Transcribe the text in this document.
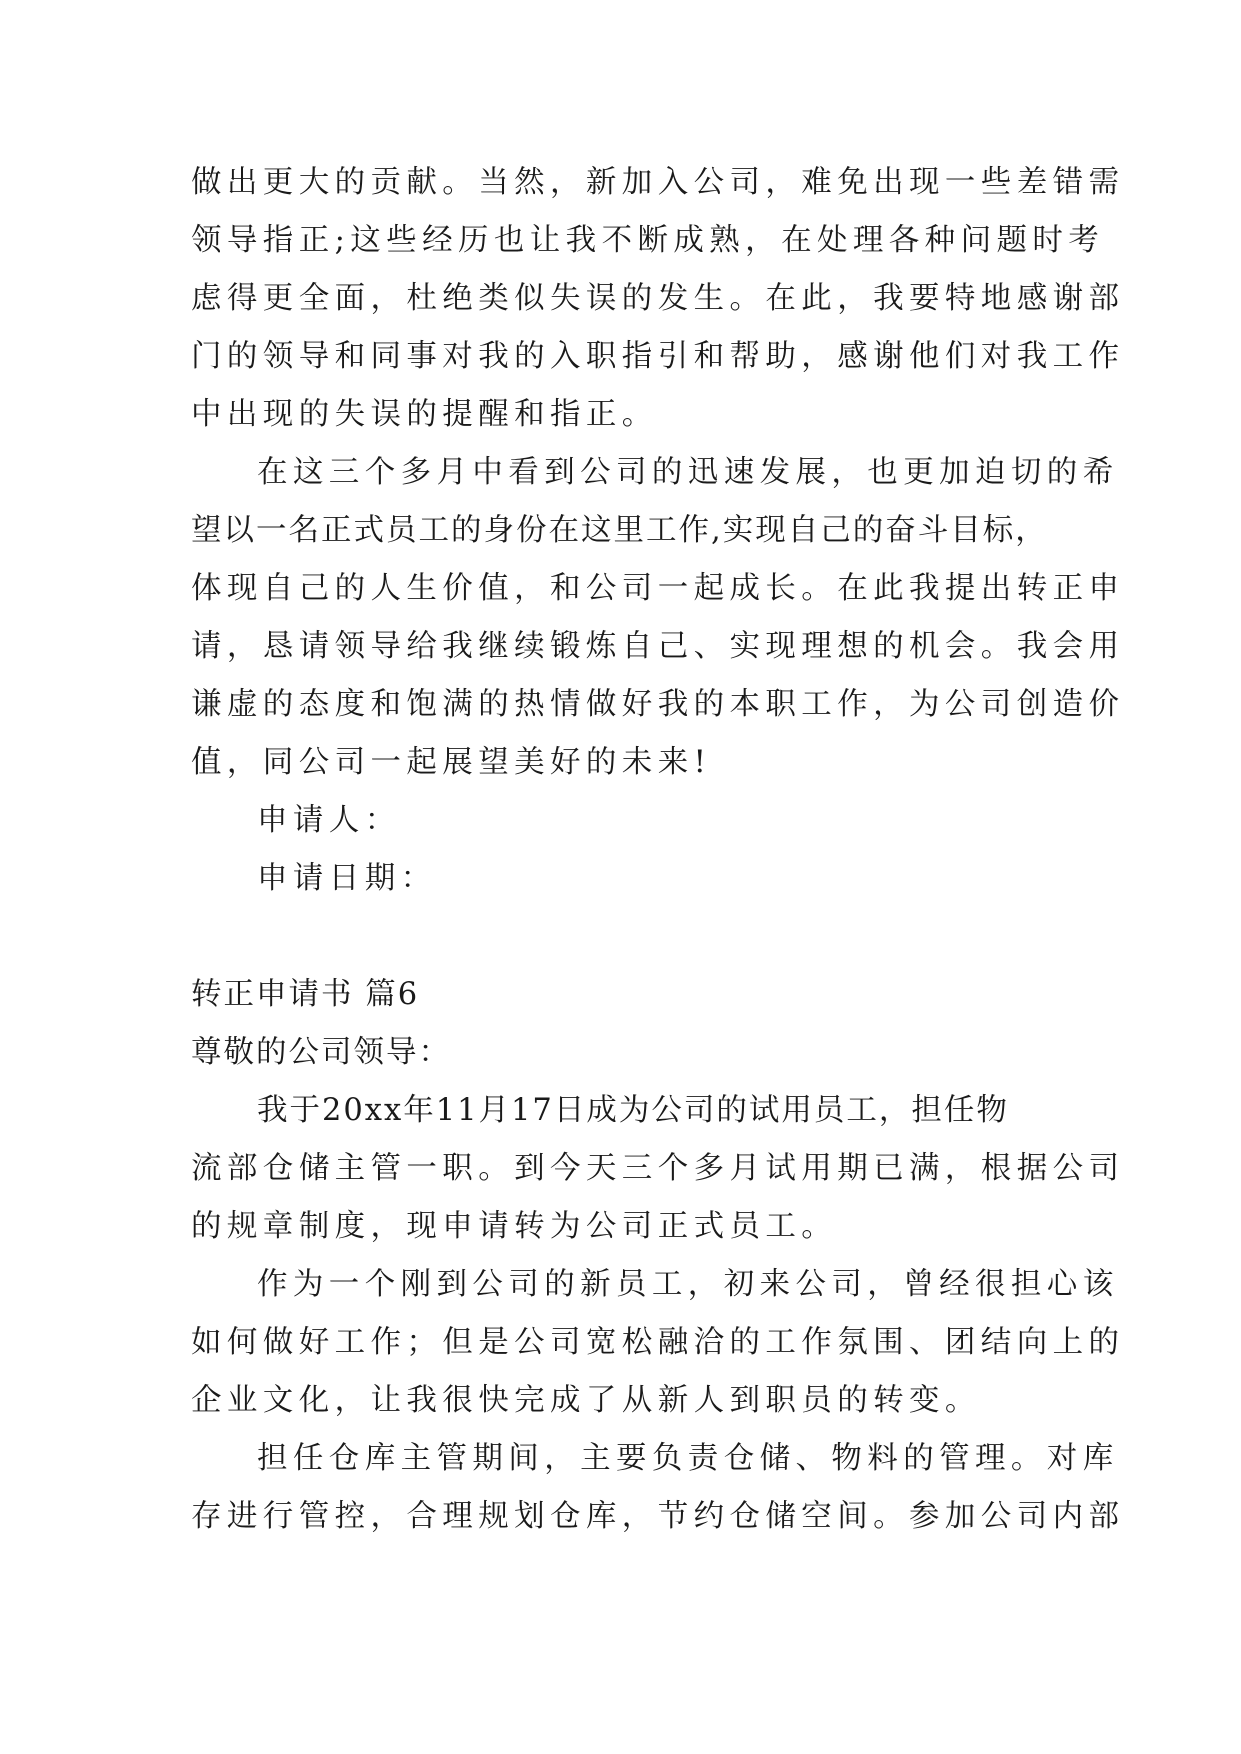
做出更大的贡献。当然，新加入公司，难免出现一些差错需
领导指正;这些经历也让我不断成熟，在处理各种问题时考
虑得更全面，杜绝类似失误的发生。在此，我要特地感谢部
门的领导和同事对我的入职指引和帮助，感谢他们对我工作
中出现的失误的提醒和指正。
在这三个多月中看到公司的迅速发展，也更加迫切的希
望以一名正式员工的身份在这里工作,实现自己的奋斗目标，
体现自己的人生价值，和公司一起成长。在此我提出转正申
请，恳请领导给我继续锻炼自己、实现理想的机会。我会用
谦虚的态度和饱满的热情做好我的本职工作，为公司创造价
值，同公司一起展望美好的未来!
申请人：
申请日期：
转正申请书 篇6
尊敬的公司领导：
我于20xx年11月17日成为公司的试用员工，担任物
流部仓储主管一职。到今天三个多月试用期已满，根据公司
的规章制度，现申请转为公司正式员工。
作为一个刚到公司的新员工，初来公司，曾经很担心该
如何做好工作；但是公司宽松融洽的工作氛围、团结向上的
企业文化，让我很快完成了从新人到职员的转变。
担任仓库主管期间，主要负责仓储、物料的管理。对库
存进行管控，合理规划仓库，节约仓储空间。参加公司内部
